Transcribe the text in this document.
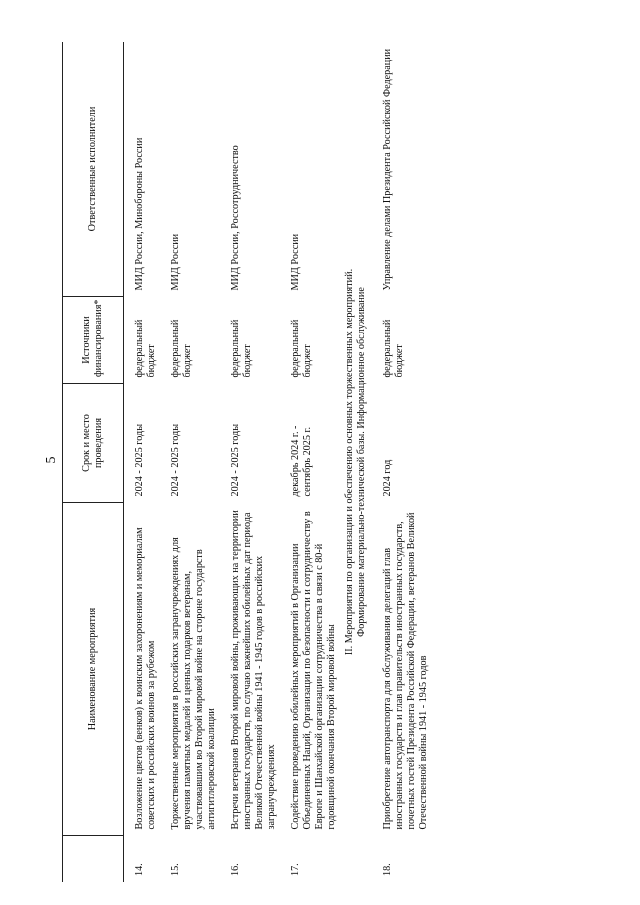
5
	Наименование мероприятия	Срок и место проведения	Источники финансирования*	Ответственные исполнители
14.	Возложение цветов (венков) к воинским захоронениям и мемориалам советских и российских воинов за рубежом	2024 - 2025 годы	федеральный бюджет	МИД России, Минобороны России
15.	Торжественные мероприятия в российских загранучреждениях для вручения памятных медалей и ценных подарков ветеранам, участвовавшим во Второй мировой войне на стороне государств антигитлеровской коалиции	2024 - 2025 годы	федеральный бюджет	МИД России
16.	Встречи ветеранов Второй мировой войны, проживающих на территории иностранных государств, по случаю важнейших юбилейных дат периода Великой Отечественной войны 1941 - 1945 годов в российских загранучреждениях	2024 - 2025 годы	федеральный бюджет	МИД России, Россотрудничество
17.	Содействие проведению юбилейных мероприятий в Организации Объединенных Наций, Организации по безопасности и сотрудничеству в Европе и Шанхайской организации сотрудничества в связи с 80-й годовщиной окончания Второй мировой войны	декабрь 2024 г. - сентябрь 2025 г.	федеральный бюджет	МИД России

II. Мероприятия по организации и обеспечению основных торжественных мероприятий. Формирование материально-технической базы. Информационное обслуживание				

18.	Приобретение автотранспорта для обслуживания делегаций глав иностранных государств и глав правительств иностранных государств, почетных гостей Президента Российской Федерации, ветеранов Великой Отечественной войны 1941 - 1945 годов	2024 год	федеральный бюджет	Управление делами Президента Российской Федерации
